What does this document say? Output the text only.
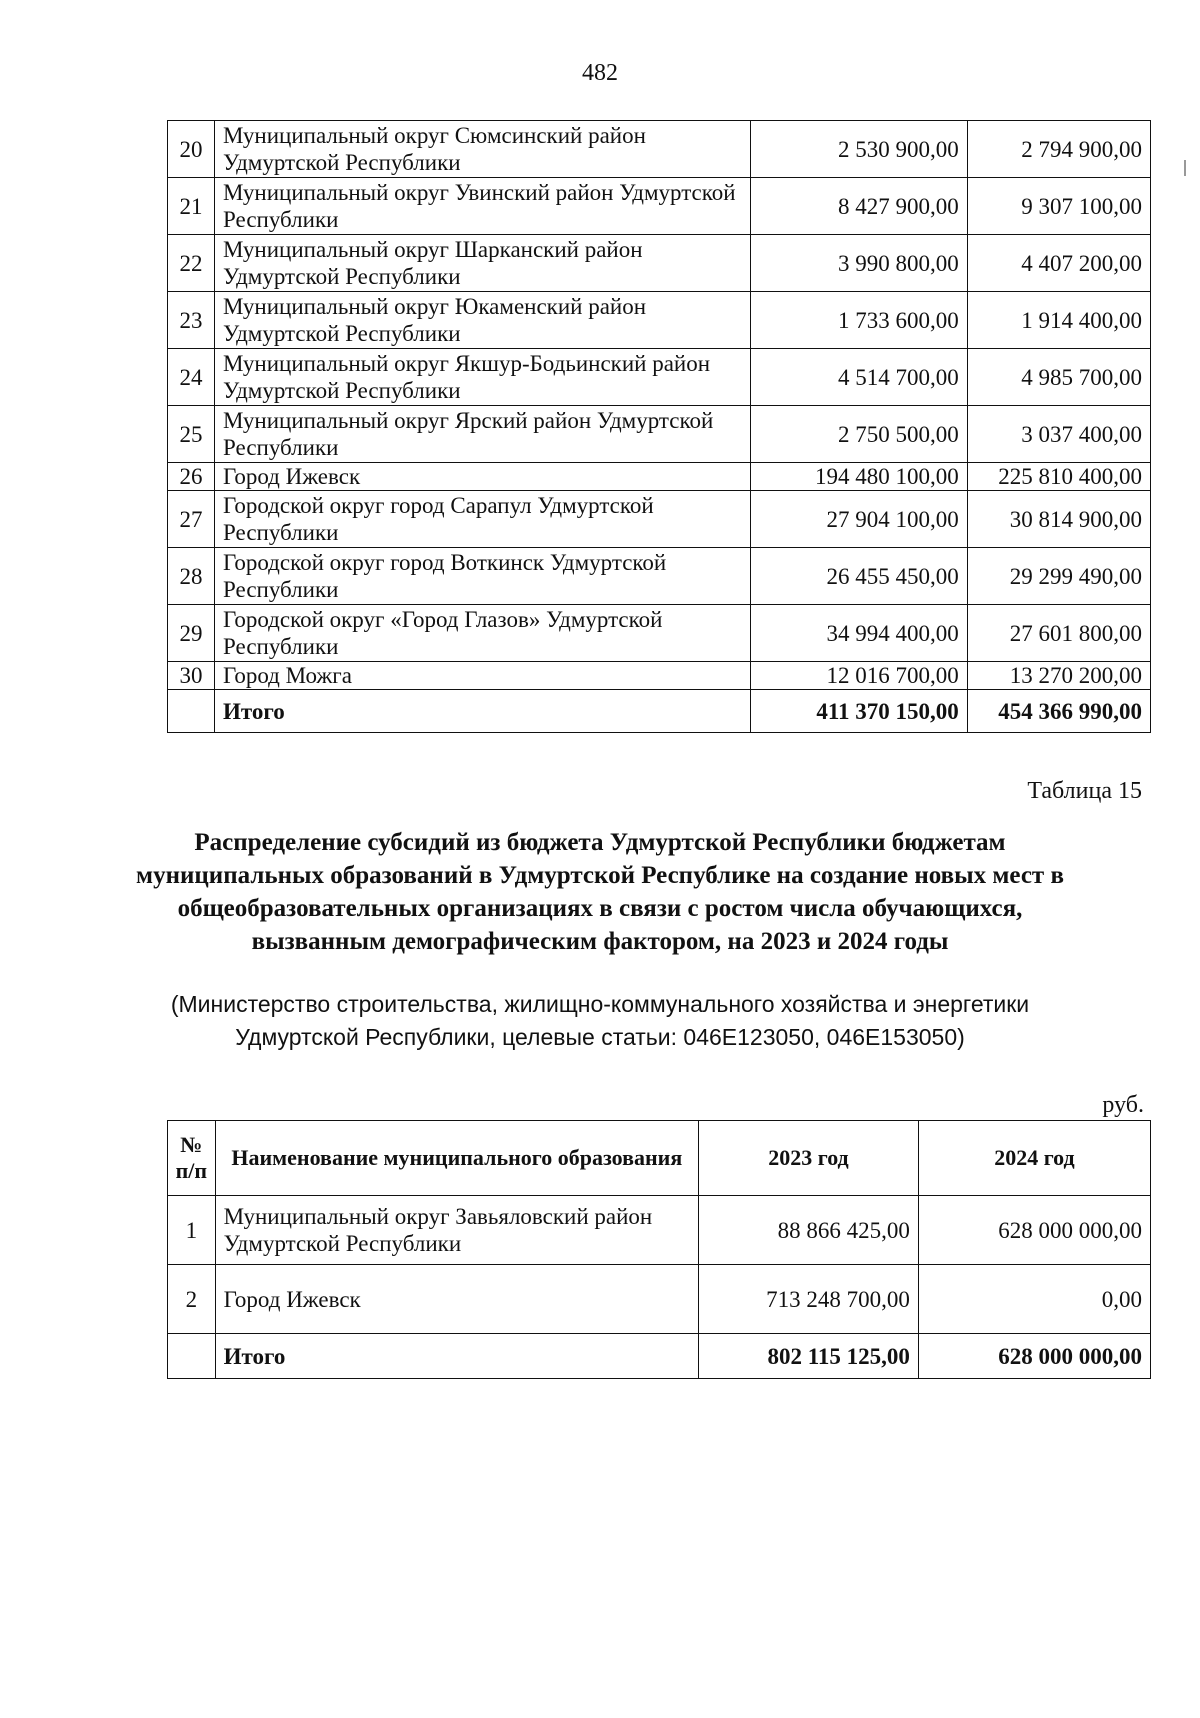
482
20	Муниципальный округ Сюмсинский район Удмуртской Республики	2 530 900,00	2 794 900,00
21	Муниципальный округ Увинский район Удмуртской Республики	8 427 900,00	9 307 100,00
22	Муниципальный округ Шарканский район Удмуртской Республики	3 990 800,00	4 407 200,00
23	Муниципальный округ Юкаменский район Удмуртской Республики	1 733 600,00	1 914 400,00
24	Муниципальный округ Якшур-Бодьинский район Удмуртской Республики	4 514 700,00	4 985 700,00
25	Муниципальный округ Ярский район Удмуртской Республики	2 750 500,00	3 037 400,00
26	Город Ижевск	194 480 100,00	225 810 400,00
27	Городской округ город Сарапул Удмуртской Республики	27 904 100,00	30 814 900,00
28	Городской округ город Воткинск Удмуртской Республики	26 455 450,00	29 299 490,00
29	Городской округ «Город Глазов» Удмуртской Республики	34 994 400,00	27 601 800,00
30	Город Можга	12 016 700,00	13 270 200,00
	Итого	411 370 150,00	454 366 990,00
Таблица 15
Распределение субсидий из бюджета Удмуртской Республики бюджетам муниципальных образований в Удмуртской Республике на создание новых мест в общеобразовательных организациях в связи с ростом числа обучающихся, вызванным демографическим фактором, на 2023 и 2024 годы
(Министерство строительства, жилищно-коммунального хозяйства и энергетики Удмуртской Республики, целевые статьи: 046E123050, 046E153050)
руб.
№ п/п	Наименование муниципального образования	2023 год	2024 год
1	Муниципальный округ Завьяловский район Удмуртской Республики	88 866 425,00	628 000 000,00
2	Город Ижевск	713 248 700,00	0,00
	Итого	802 115 125,00	628 000 000,00
